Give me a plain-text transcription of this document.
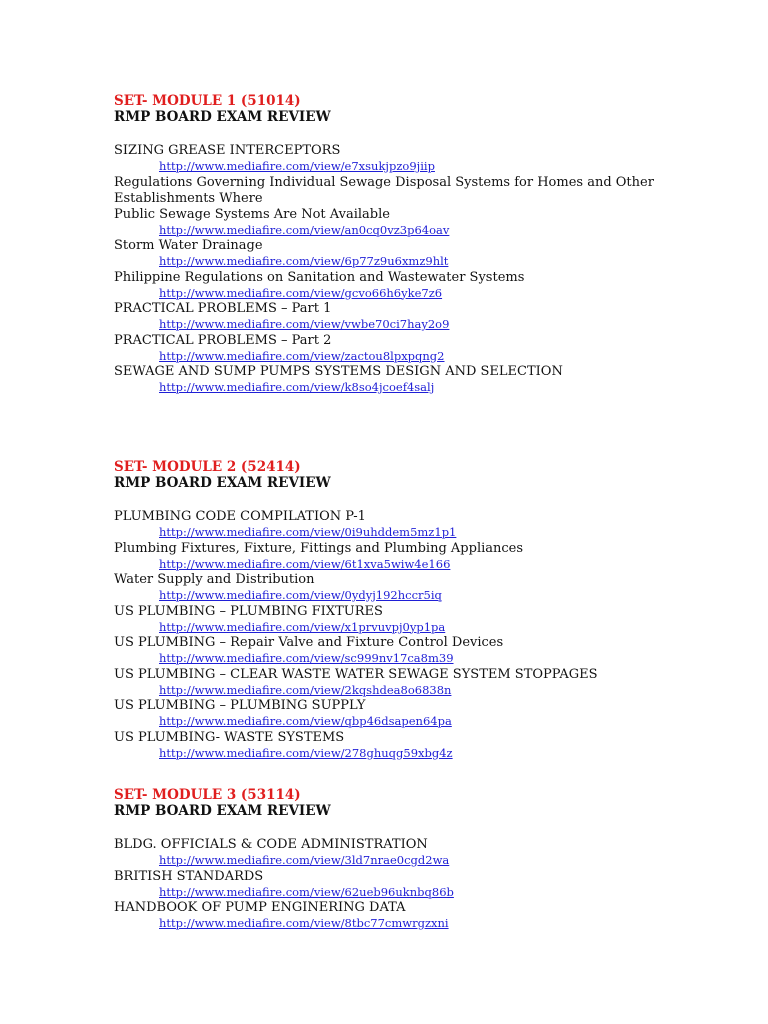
SET- MODULE 1 (51014)
RMP BOARD EXAM REVIEW
SIZING GREASE INTERCEPTORS
http://www.mediafire.com/view/e7xsukjpzo9jiip
Regulations Governing Individual Sewage Disposal Systems for Homes and Other Establishments Where
Public Sewage Systems Are Not Available
http://www.mediafire.com/view/an0cq0vz3p64oav
Storm Water Drainage
http://www.mediafire.com/view/6p77z9u6xmz9hlt
Philippine Regulations on Sanitation and Wastewater Systems
http://www.mediafire.com/view/gcvo66h6yke7z6
PRACTICAL PROBLEMS – Part 1
http://www.mediafire.com/view/vwbe70ci7hay2o9
PRACTICAL PROBLEMS – Part 2
http://www.mediafire.com/view/zactou8lpxpqng2
SEWAGE AND SUMP PUMPS SYSTEMS DESIGN AND SELECTION
http://www.mediafire.com/view/k8so4jcoef4salj
SET- MODULE 2 (52414)
RMP BOARD EXAM REVIEW
PLUMBING CODE COMPILATION P-1
http://www.mediafire.com/view/0i9uhddem5mz1p1
Plumbing Fixtures, Fixture, Fittings and Plumbing Appliances
http://www.mediafire.com/view/6t1xva5wiw4e166
Water Supply and Distribution
http://www.mediafire.com/view/0ydyj192hccr5iq
US PLUMBING – PLUMBING FIXTURES
http://www.mediafire.com/view/x1prvuvpj0yp1pa
US PLUMBING – Repair Valve and Fixture Control Devices
http://www.mediafire.com/view/sc999nv17ca8m39
US PLUMBING – CLEAR WASTE WATER SEWAGE SYSTEM STOPPAGES
http://www.mediafire.com/view/2kqshdea8o6838n
US PLUMBING – PLUMBING SUPPLY
http://www.mediafire.com/view/qbp46dsapen64pa
US PLUMBING- WASTE SYSTEMS
http://www.mediafire.com/view/278ghuqg59xbg4z
SET- MODULE 3 (53114)
RMP BOARD EXAM REVIEW
BLDG. OFFICIALS & CODE ADMINISTRATION
http://www.mediafire.com/view/3ld7nrae0cgd2wa
BRITISH STANDARDS
http://www.mediafire.com/view/62ueb96uknbq86b
HANDBOOK OF PUMP ENGINERING DATA
http://www.mediafire.com/view/8tbc77cmwrgzxni
